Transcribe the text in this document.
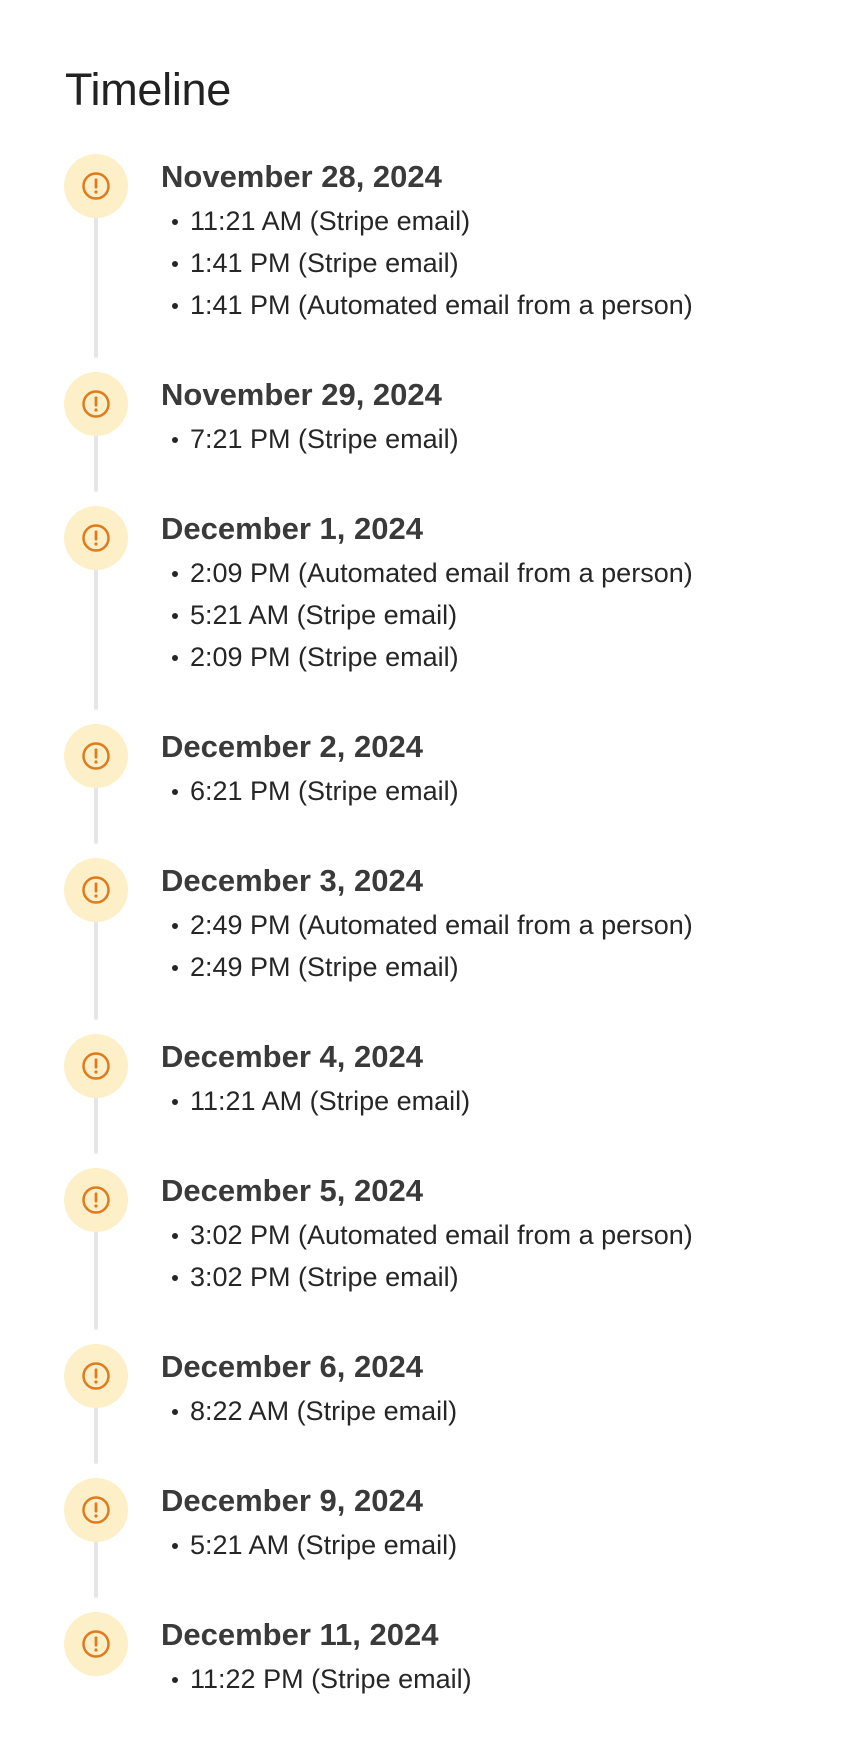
Timeline
November 28, 2024
11:21 AM (Stripe email)
1:41 PM (Stripe email)
1:41 PM (Automated email from a person)
November 29, 2024
7:21 PM (Stripe email)
December 1, 2024
2:09 PM (Automated email from a person)
5:21 AM (Stripe email)
2:09 PM (Stripe email)
December 2, 2024
6:21 PM (Stripe email)
December 3, 2024
2:49 PM (Automated email from a person)
2:49 PM (Stripe email)
December 4, 2024
11:21 AM (Stripe email)
December 5, 2024
3:02 PM (Automated email from a person)
3:02 PM (Stripe email)
December 6, 2024
8:22 AM (Stripe email)
December 9, 2024
5:21 AM (Stripe email)
December 11, 2024
11:22 PM (Stripe email)
